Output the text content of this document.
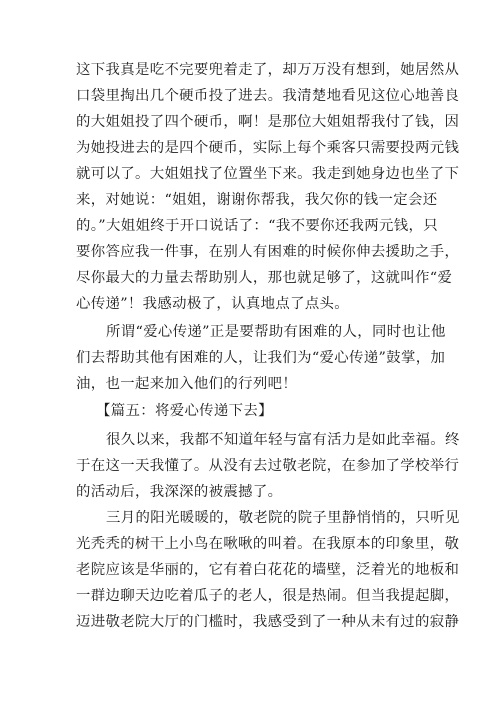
这下我真是吃不完要兜着走了，却万万没有想到，她居然从
口袋里掏出几个硬币投了进去。我清楚地看见这位心地善良
的大姐姐投了四个硬币，啊！是那位大姐姐帮我付了钱，因
为她投进去的是四个硬币，实际上每个乘客只需要投两元钱
就可以了。大姐姐找了位置坐下来。我走到她身边也坐了下
来，对她说：“姐姐，谢谢你帮我，我欠你的钱一定会还
的。”大姐姐终于开口说话了：“我不要你还我两元钱，只
要你答应我一件事，在别人有困难的时候你伸去援助之手，
尽你最大的力量去帮助别人，那也就足够了，这就叫作“爱
心传递”！我感动极了，认真地点了点头。
所谓“爱心传递”正是要帮助有困难的人，同时也让他
们去帮助其他有困难的人，让我们为“爱心传递”鼓掌，加
油，也一起来加入他们的行列吧！
【篇五：将爱心传递下去】
很久以来，我都不知道年轻与富有活力是如此幸福。终
于在这一天我懂了。从没有去过敬老院，在参加了学校举行
的活动后，我深深的被震撼了。
三月的阳光暖暖的，敬老院的院子里静悄悄的，只听见
光秃秃的树干上小鸟在啾啾的叫着。在我原本的印象里，敬
老院应该是华丽的，它有着白花花的墙壁，泛着光的地板和
一群边聊天边吃着瓜子的老人，很是热闹。但当我提起脚，
迈进敬老院大厅的门槛时，我感受到了一种从未有过的寂静
